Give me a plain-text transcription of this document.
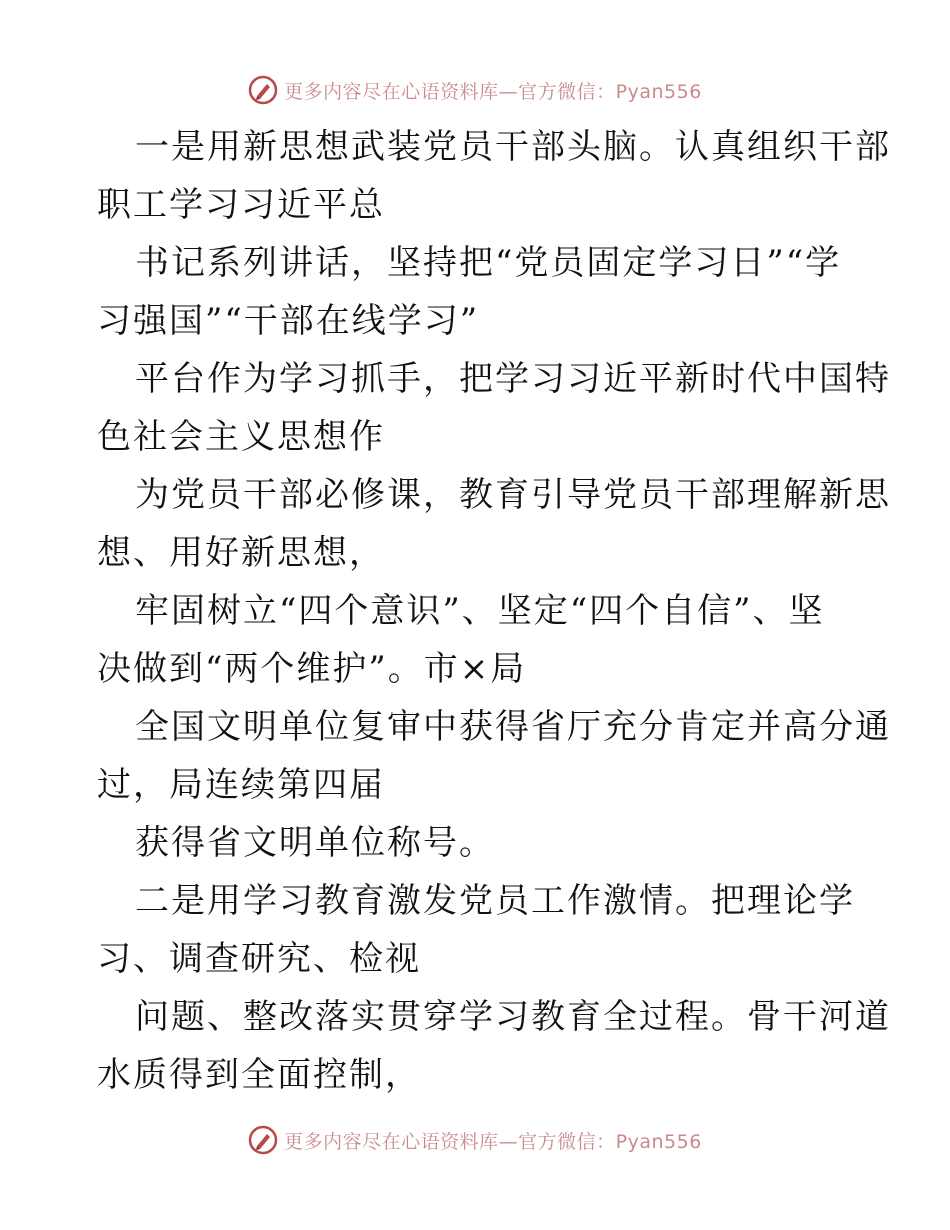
更多内容尽在心语资料库—官方微信：Pyan556
一是用新思想武装党员干部头脑。认真组织干部
职工学习习近平总
书记系列讲话，坚持把“党员固定学习日”“学
习强国”“干部在线学习”
平台作为学习抓手，把学习习近平新时代中国特
色社会主义思想作
为党员干部必修课，教育引导党员干部理解新思
想、用好新思想，
牢固树立“四个意识”、坚定“四个自信”、坚
决做到“两个维护”。市×局
全国文明单位复审中获得省厅充分肯定并高分通
过，局连续第四届
获得省文明单位称号。
二是用学习教育激发党员工作激情。把理论学
习、调查研究、检视
问题、整改落实贯穿学习教育全过程。骨干河道
水质得到全面控制，
更多内容尽在心语资料库—官方微信：Pyan556
